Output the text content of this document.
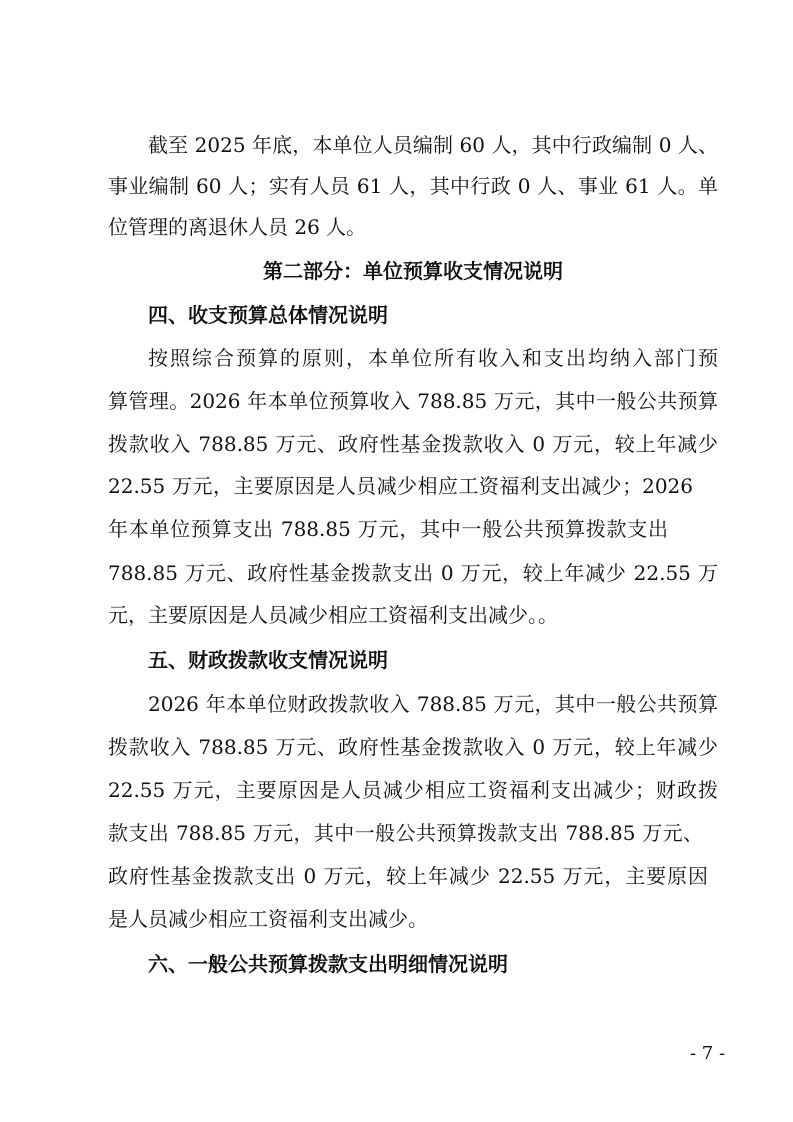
截至 2025 年底，本单位人员编制 60 人，其中行政编制 0 人、
事业编制 60 人；实有人员 61 人，其中行政 0 人、事业 61 人。单
位管理的离退休人员 26 人。
第二部分：单位预算收支情况说明
四、收支预算总体情况说明
按照综合预算的原则，本单位所有收入和支出均纳入部门预
算管理。2026 年本单位预算收入 788.85 万元，其中一般公共预算
拨款收入 788.85 万元、政府性基金拨款收入 0 万元，较上年减少
22.55 万元，主要原因是人员减少相应工资福利支出减少；2026
年本单位预算支出 788.85 万元，其中一般公共预算拨款支出
788.85 万元、政府性基金拨款支出 0 万元，较上年减少 22.55 万
元，主要原因是人员减少相应工资福利支出减少。。
五、财政拨款收支情况说明
2026 年本单位财政拨款收入 788.85 万元，其中一般公共预算
拨款收入 788.85 万元、政府性基金拨款收入 0 万元，较上年减少
22.55 万元，主要原因是人员减少相应工资福利支出减少；财政拨
款支出 788.85 万元，其中一般公共预算拨款支出 788.85 万元、
政府性基金拨款支出 0 万元，较上年减少 22.55 万元，主要原因
是人员减少相应工资福利支出减少。
六、一般公共预算拨款支出明细情况说明
- 7 -
